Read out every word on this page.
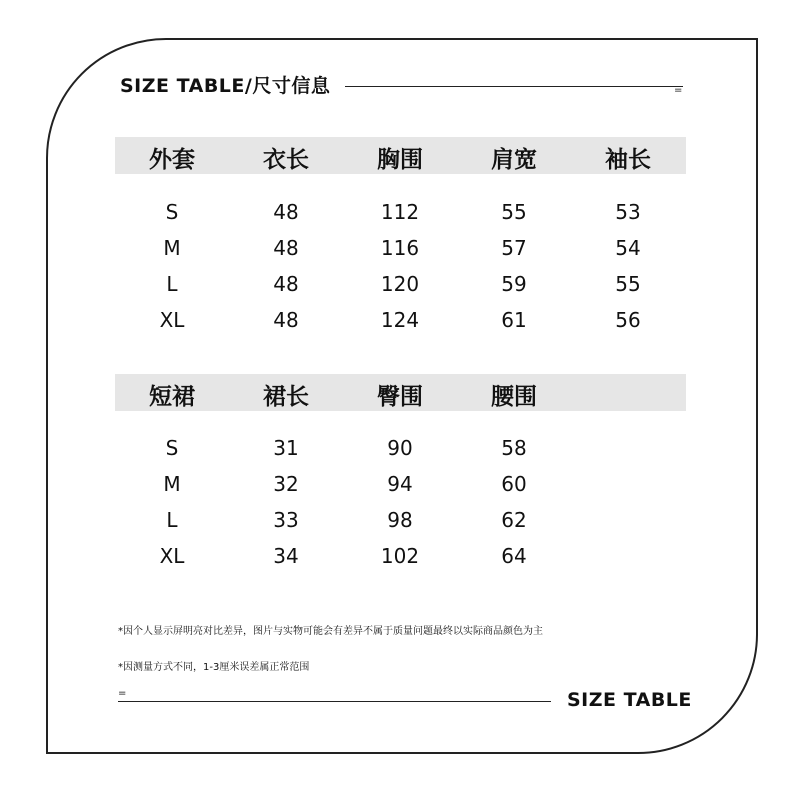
SIZE TABLE/尺寸信息	=
外套	衣长	胸围	肩宽	袖长
S	48	112	55	53
M	48	116	57	54
L	48	120	59	55
XL	48	124	61	56
短裙	裙长	臀围	腰围
S	31	90	58
M	32	94	60
L	33	98	62
XL	34	102	64
*因个人显示屏明亮对比差异，图片与实物可能会有差异不属于质量问题最终以实际商品颜色为主
*因测量方式不同，1-3厘米误差属正常范围
=	SIZE TABLE
